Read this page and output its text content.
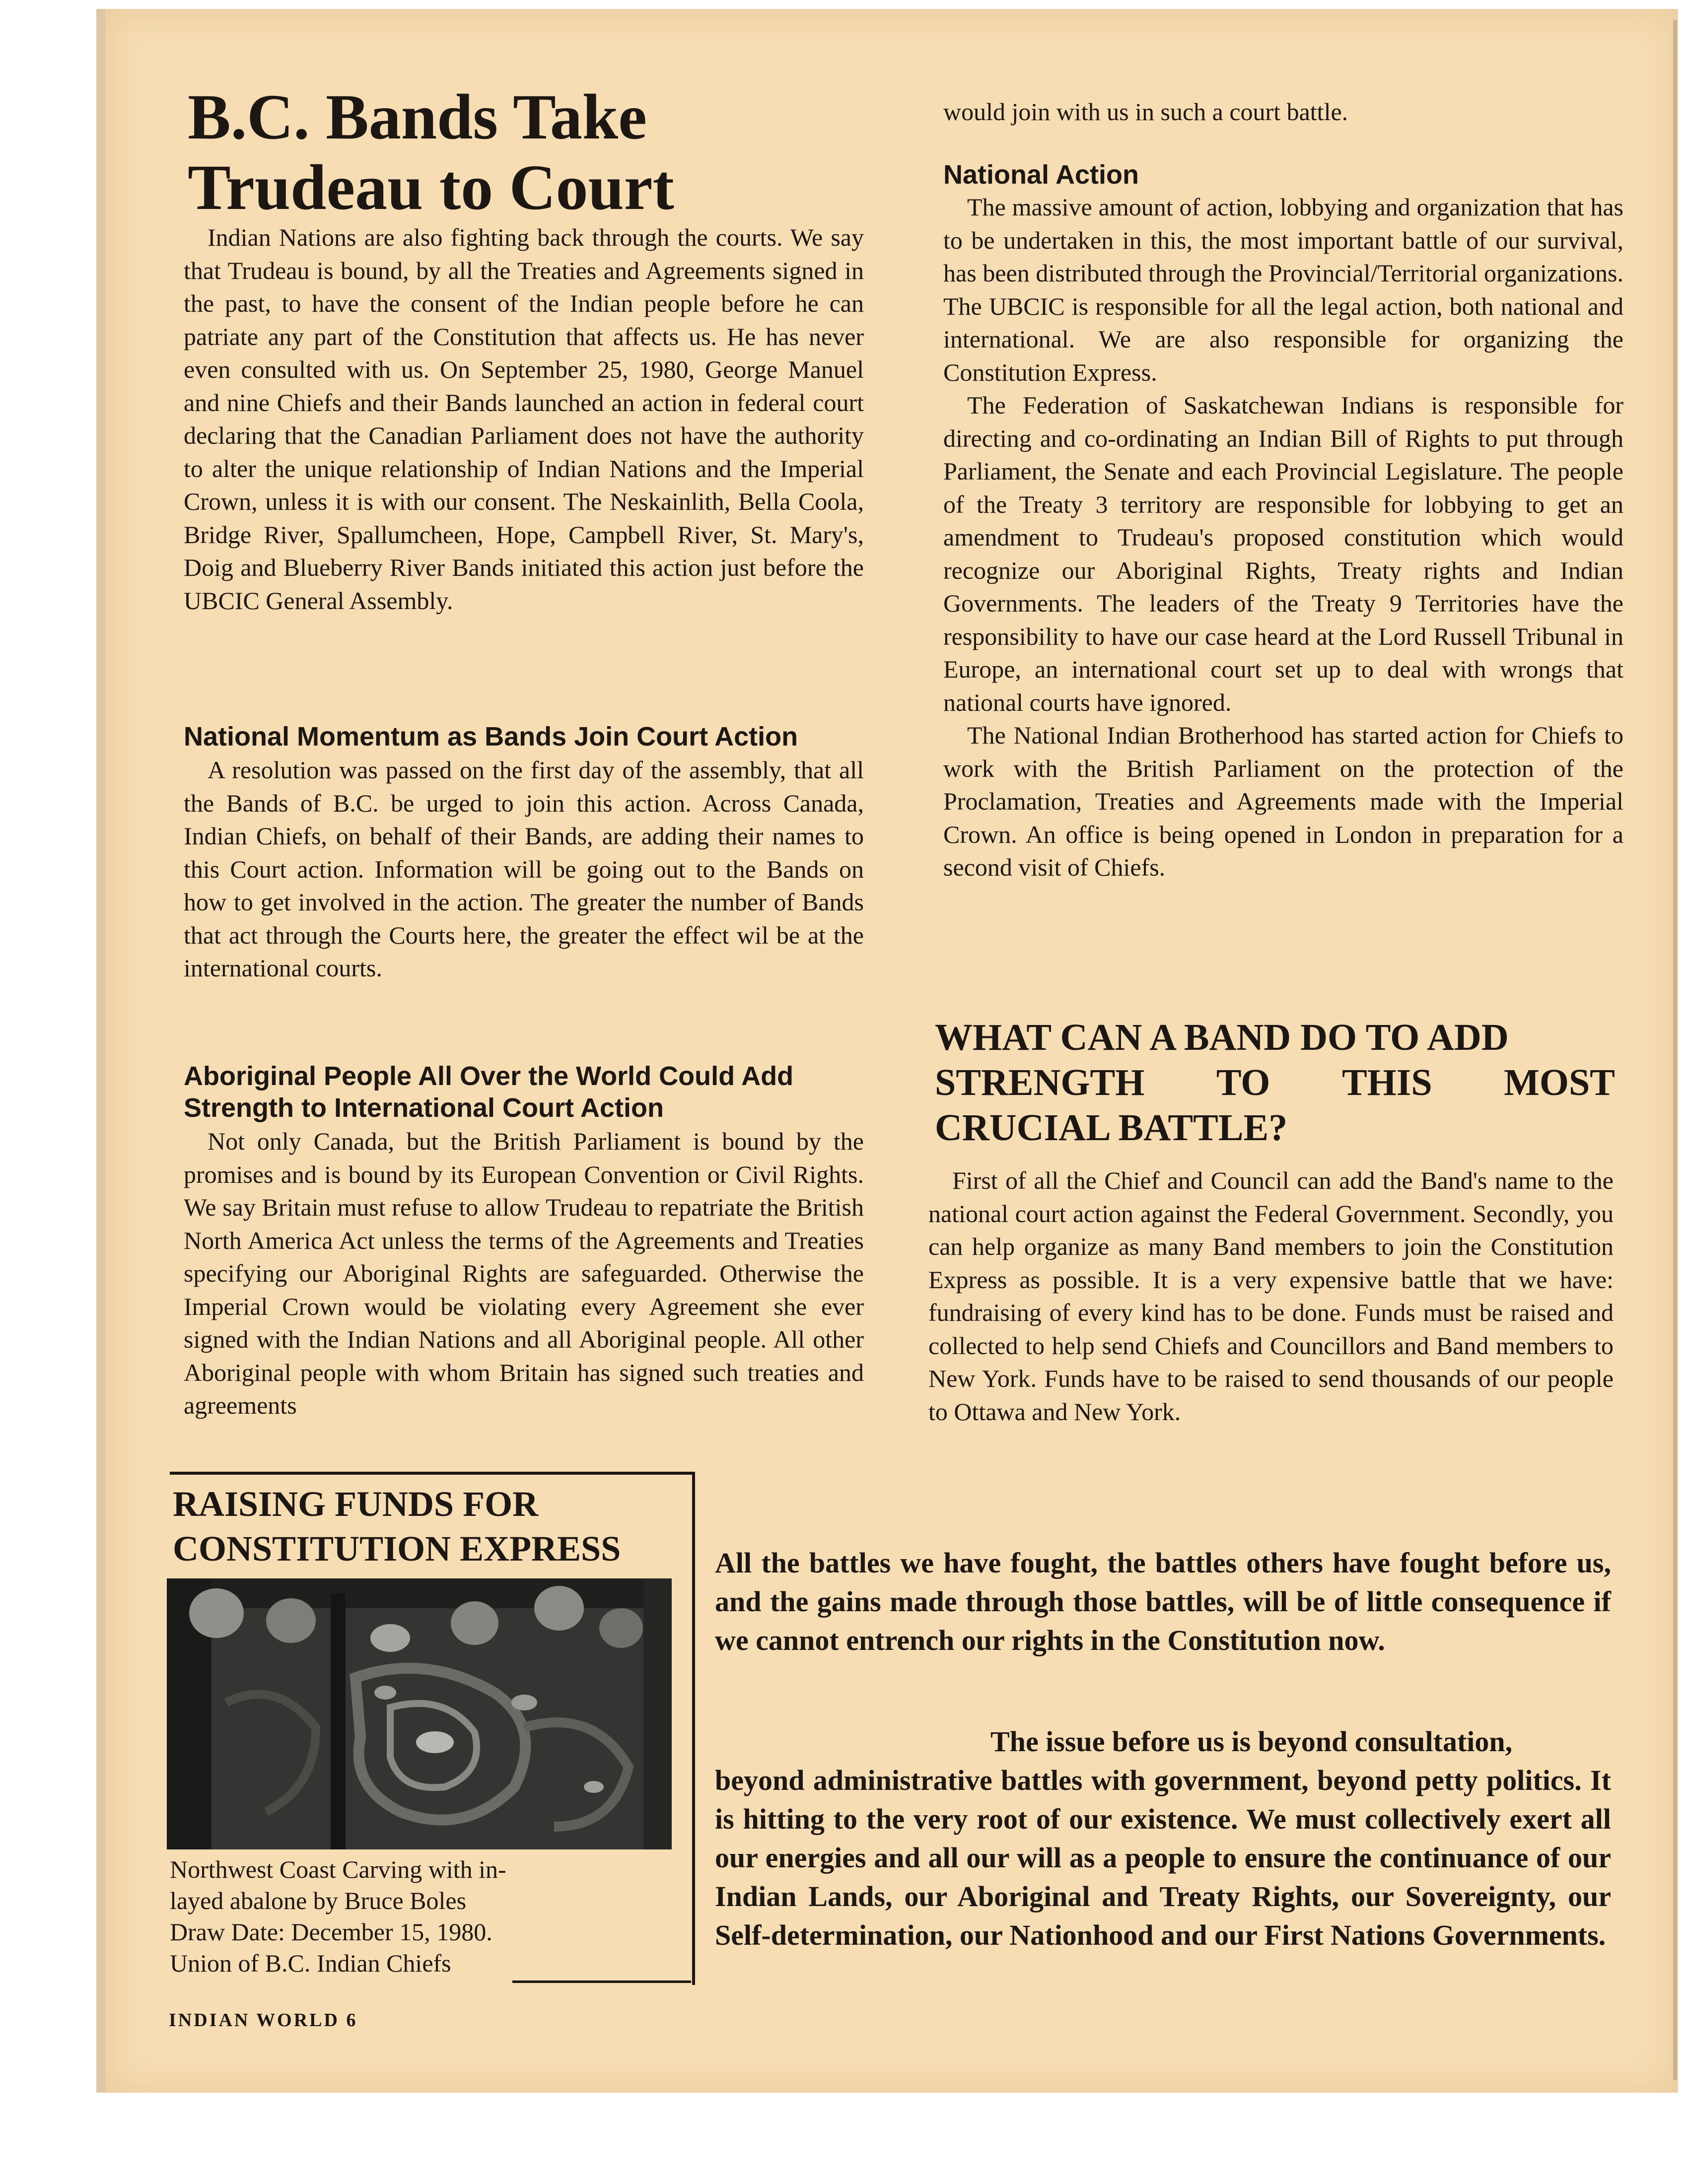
B.C. Bands Take
Trudeau to Court

Indian Nations are also fighting back through the courts. We say that Trudeau is bound, by all the Treaties and Agreements signed in the past, to have the consent of the Indian people before he can patriate any part of the Constitution that affects us. He has never even consulted with us. On September 25, 1980, George Manuel and nine Chiefs and their Bands launched an action in federal court declaring that the Canadian Parliament does not have the authority to alter the unique relationship of Indian Nations and the Imperial Crown, unless it is with our consent. The Neskainlith, Bella Coola, Bridge River, Spallumcheen, Hope, Campbell River, St. Mary's, Doig and Blueberry River Bands initiated this action just before the UBCIC General Assembly.

National Momentum as Bands Join Court Action

A resolution was passed on the first day of the assembly, that all the Bands of B.C. be urged to join this action. Across Canada, Indian Chiefs, on behalf of their Bands, are adding their names to this Court action. Information will be going out to the Bands on how to get involved in the action. The greater the number of Bands that act through the Courts here, the greater the effect wil be at the international courts.

Aboriginal People All Over the World Could Add Strength to International Court Action

Not only Canada, but the British Parliament is bound by the promises and is bound by its European Convention or Civil Rights. We say Britain must refuse to allow Trudeau to repatriate the British North America Act unless the terms of the Agreements and Treaties specifying our Aboriginal Rights are safeguarded. Otherwise the Imperial Crown would be violating every Agreement she ever signed with the Indian Nations and all Aboriginal people. All other Aboriginal people with whom Britain has signed such treaties and agreements

would join with us in such a court battle.

National Action

The massive amount of action, lobbying and organization that has to be undertaken in this, the most important battle of our survival, has been distributed through the Provincial/Territorial organizations. The UBCIC is responsible for all the legal action, both national and international. We are also responsible for organizing the Constitution Express.

The Federation of Saskatchewan Indians is responsible for directing and co-ordinating an Indian Bill of Rights to put through Parliament, the Senate and each Provincial Legislature. The people of the Treaty 3 territory are responsible for lobbying to get an amendment to Trudeau's proposed constitution which would recognize our Aboriginal Rights, Treaty rights and Indian Governments. The leaders of the Treaty 9 Territories have the responsibility to have our case heard at the Lord Russell Tribunal in Europe, an international court set up to deal with wrongs that national courts have ignored.

The National Indian Brotherhood has started action for Chiefs to work with the British Parliament on the protection of the Proclamation, Treaties and Agreements made with the Imperial Crown. An office is being opened in London in preparation for a second visit of Chiefs.

WHAT CAN A BAND DO TO ADD
STRENGTH TO THIS MOST
CRUCIAL BATTLE?

First of all the Chief and Council can add the Band's name to the national court action against the Federal Government. Secondly, you can help organize as many Band members to join the Constitution Express as possible. It is a very expensive battle that we have: fundraising of every kind has to be done. Funds must be raised and collected to help send Chiefs and Councillors and Band members to New York. Funds have to be raised to send thousands of our people to Ottawa and New York.

RAISING FUNDS FOR
CONSTITUTION EXPRESS

Northwest Coast Carving with in-
layed abalone by Bruce Boles
Draw Date: December 15, 1980.
Union of B.C. Indian Chiefs

All the battles we have fought, the battles others have fought before us, and the gains made through those battles, will be of little consequence if we cannot entrench our rights in the Constitution now.

The issue before us is beyond consultation,
beyond administrative battles with government, beyond petty politics. It is hitting to the very root of our existence. We must collectively exert all our energies and all our will as a people to ensure the continuance of our Indian Lands, our Aboriginal and Treaty Rights, our Sovereignty, our Self-determination, our Nationhood and our First Nations Governments.

INDIAN WORLD 6
